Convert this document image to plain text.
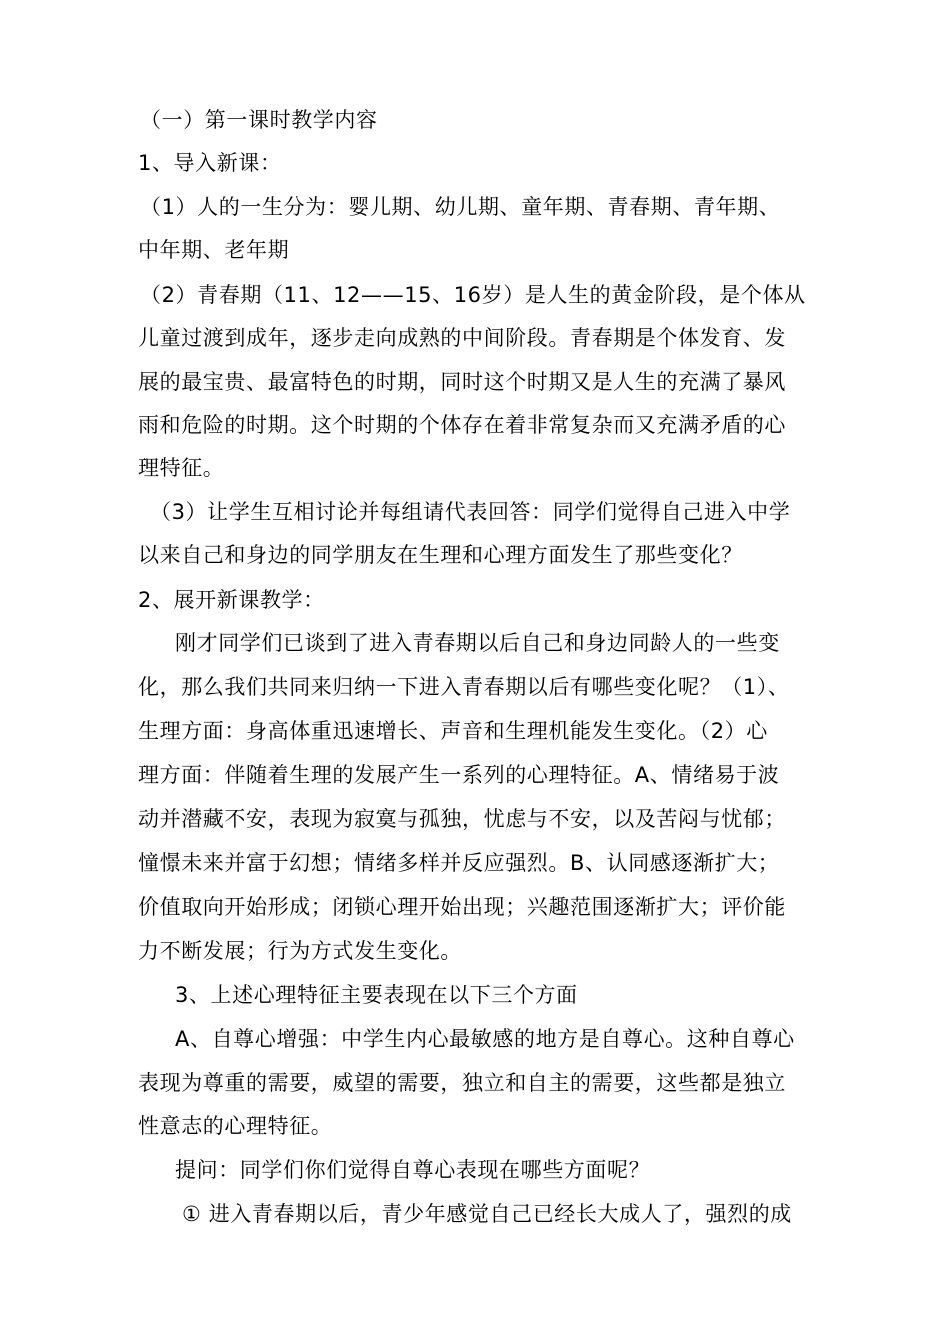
（一）第一课时教学内容
1、导入新课：
（1）人的一生分为：婴儿期、幼儿期、童年期、青春期、青年期、
中年期、老年期
（2）青春期（11、12——15、16岁）是人生的黄金阶段，是个体从
儿童过渡到成年，逐步走向成熟的中间阶段。青春期是个体发育、发
展的最宝贵、最富特色的时期，同时这个时期又是人生的充满了暴风
雨和危险的时期。这个时期的个体存在着非常复杂而又充满矛盾的心
理特征。
（3）让学生互相讨论并每组请代表回答：同学们觉得自己进入中学
以来自己和身边的同学朋友在生理和心理方面发生了那些变化？
2、展开新课教学：
刚才同学们已谈到了进入青春期以后自己和身边同龄人的一些变
化，那么我们共同来归纳一下进入青春期以后有哪些变化呢？（1）、
生理方面：身高体重迅速增长、声音和生理机能发生变化。（2）心
理方面：伴随着生理的发展产生一系列的心理特征。A、情绪易于波
动并潜藏不安，表现为寂寞与孤独，忧虑与不安，以及苦闷与忧郁；
憧憬未来并富于幻想；情绪多样并反应强烈。B、认同感逐渐扩大；
价值取向开始形成；闭锁心理开始出现；兴趣范围逐渐扩大；评价能
力不断发展；行为方式发生变化。
3、上述心理特征主要表现在以下三个方面
A、自尊心增强：中学生内心最敏感的地方是自尊心。这种自尊心
表现为尊重的需要，威望的需要，独立和自主的需要，这些都是独立
性意志的心理特征。
提问：同学们你们觉得自尊心表现在哪些方面呢？
① 进入青春期以后，青少年感觉自己已经长大成人了，强烈的成
